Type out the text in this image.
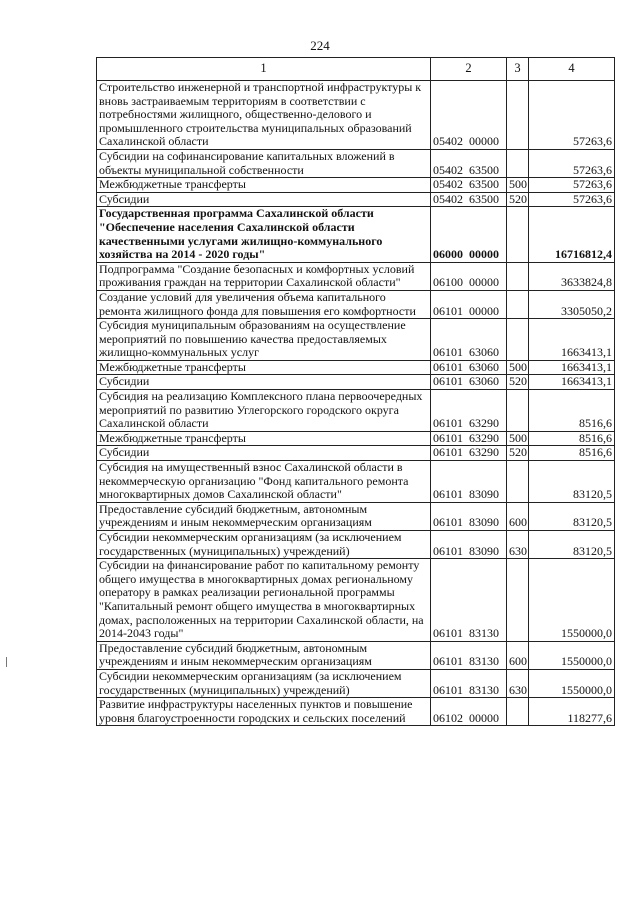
224
1	2	3	4
Строительство инженерной и транспортной инфраструктуры к вновь застраиваемым территориям в соответствии с потребностями жилищного, общественно-делового и промышленного строительства муниципальных образований Сахалинской области	05402  00000		57263,6
Субсидии на софинансирование капитальных вложений в объекты муниципальной собственности	05402  63500		57263,6
Межбюджетные трансферты	05402  63500	500	57263,6
Субсидии	05402  63500	520	57263,6
Государственная программа Сахалинской области "Обеспечение населения Сахалинской области качественными услугами жилищно-коммунального хозяйства на 2014 - 2020 годы"	06000  00000		16716812,4
Подпрограмма "Создание безопасных и комфортных условий проживания граждан на территории Сахалинской области"	06100  00000		3633824,8
Создание условий для увеличения объема капитального ремонта жилищного фонда для повышения его комфортности	06101  00000		3305050,2
Субсидия муниципальным образованиям на осуществление мероприятий по повышению качества предоставляемых жилищно-коммунальных услуг	06101  63060		1663413,1
Межбюджетные трансферты	06101  63060	500	1663413,1
Субсидии	06101  63060	520	1663413,1
Субсидия на реализацию Комплексного плана первоочередных мероприятий по развитию Углегорского городского округа Сахалинской области	06101  63290		8516,6
Межбюджетные трансферты	06101  63290	500	8516,6
Субсидии	06101  63290	520	8516,6
Субсидия на имущественный взнос Сахалинской области в некоммерческую организацию "Фонд капитального ремонта многоквартирных домов Сахалинской области"	06101  83090		83120,5
Предоставление субсидий бюджетным, автономным учреждениям и иным некоммерческим организациям	06101  83090	600	83120,5
Субсидии некоммерческим организациям (за исключением государственных (муниципальных) учреждений)	06101  83090	630	83120,5
Субсидии на финансирование работ по капитальному ремонту общего имущества в многоквартирных домах региональному оператору в рамках реализации региональной программы "Капитальный ремонт общего имущества в многоквартирных домах, расположенных на территории Сахалинской области, на 2014-2043 годы"	06101  83130		1550000,0
Предоставление субсидий бюджетным, автономным учреждениям и иным некоммерческим организациям	06101  83130	600	1550000,0
Субсидии некоммерческим организациям (за исключением государственных (муниципальных) учреждений)	06101  83130	630	1550000,0
Развитие инфраструктуры населенных пунктов и повышение уровня благоустроенности городских и сельских поселений	06102  00000		118277,6
